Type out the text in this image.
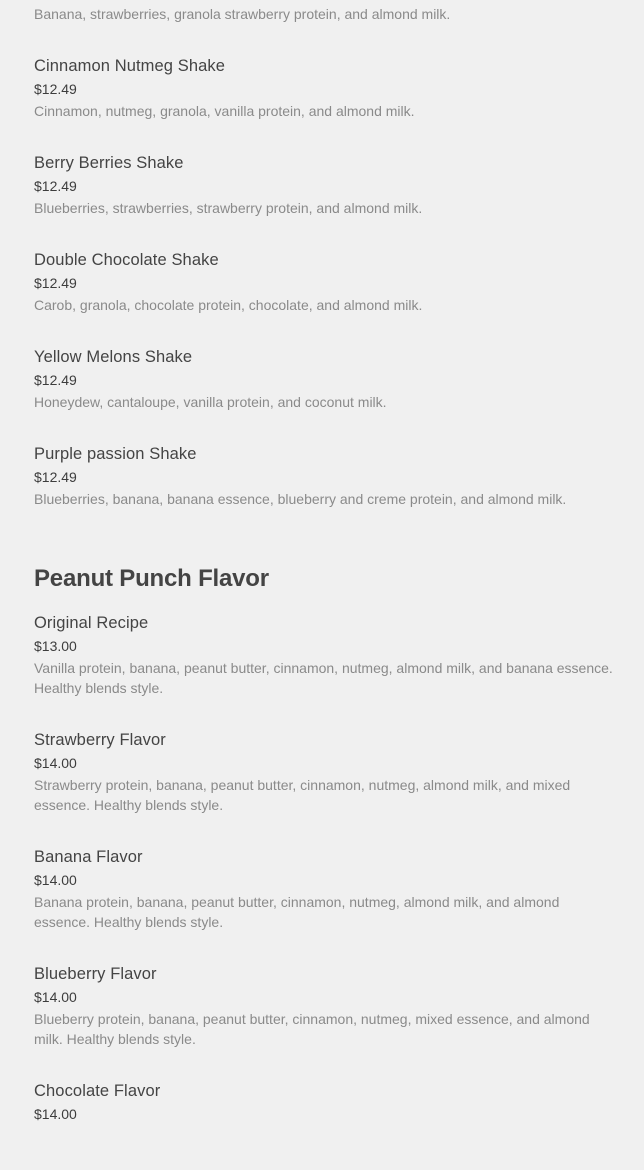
Banana, strawberries, granola strawberry protein, and almond milk.
Cinnamon Nutmeg Shake
$12.49
Cinnamon, nutmeg, granola, vanilla protein, and almond milk.
Berry Berries Shake
$12.49
Blueberries, strawberries, strawberry protein, and almond milk.
Double Chocolate Shake
$12.49
Carob, granola, chocolate protein, chocolate, and almond milk.
Yellow Melons Shake
$12.49
Honeydew, cantaloupe, vanilla protein, and coconut milk.
Purple passion Shake
$12.49
Blueberries, banana, banana essence, blueberry and creme protein, and almond milk.
Peanut Punch Flavor
Original Recipe
$13.00
Vanilla protein, banana, peanut butter, cinnamon, nutmeg, almond milk, and banana essence. Healthy blends style.
Strawberry Flavor
$14.00
Strawberry protein, banana, peanut butter, cinnamon, nutmeg, almond milk, and mixed essence. Healthy blends style.
Banana Flavor
$14.00
Banana protein, banana, peanut butter, cinnamon, nutmeg, almond milk, and almond essence. Healthy blends style.
Blueberry Flavor
$14.00
Blueberry protein, banana, peanut butter, cinnamon, nutmeg, mixed essence, and almond milk. Healthy blends style.
Chocolate Flavor
$14.00
